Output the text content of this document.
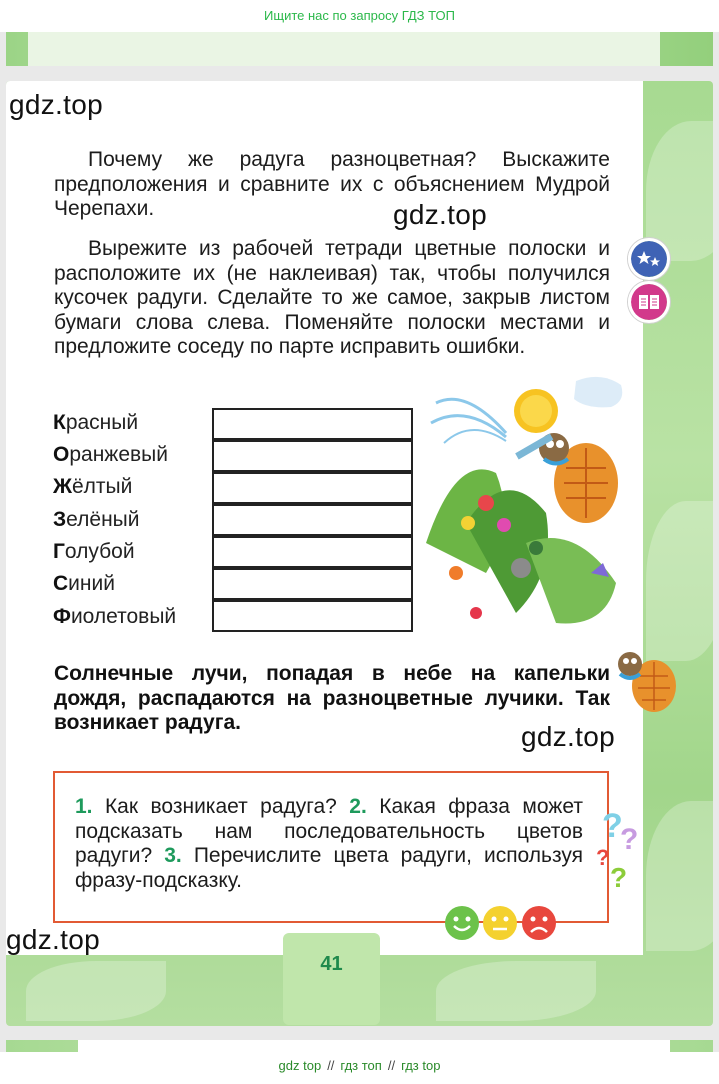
Ищите нас по запросу ГДЗ ТОП
gdz.top

Почему же радуга разноцветная? Выскажите предположения и сравните их с объяснением Мудрой Черепахи.	gdz.top

Вырежите из рабочей тетради цветные полоски и расположите их (не наклеивая) так, чтобы получился кусочек радуги. Сделайте то же самое, закрыв листом бумаги слова слева. Поменяйте полоски местами и предложите соседу по парте исправить ошибки.

Красный
Оранжевый
Жёлтый
Зелёный
Голубой
Синий
Фиолетовый

Солнечные лучи, попадая в небе на капельки дождя, распадаются на разноцветные лучики. Так возникает радуга.	gdz.top

1. Как возникает радуга? 2. Какая фраза может подсказать нам последовательность цветов радуги? 3. Перечислите цвета радуги, используя фразу-подсказку.

gdz.top
?
?
?
?
41
gdz top // гдз топ // гдз top
